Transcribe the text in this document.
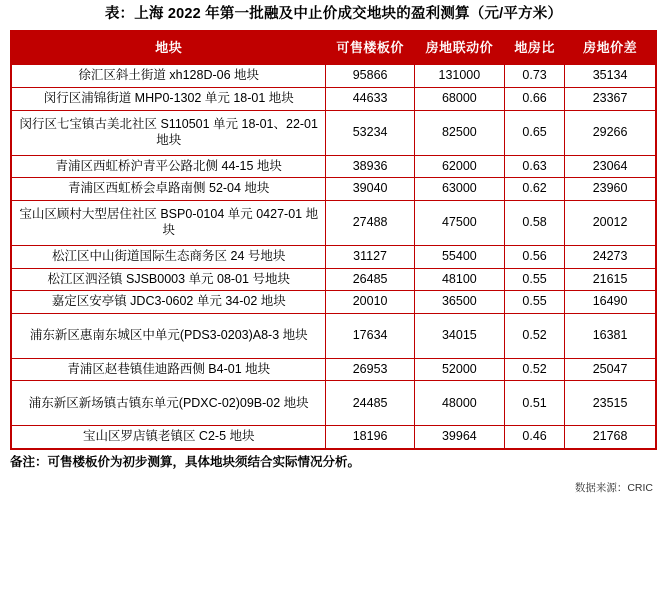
表：上海 2022 年第一批融及中止价成交地块的盈利测算（元/平方米）
地块	可售楼板价	房地联动价	地房比	房地价差
徐汇区斜土街道 xh128D-06 地块	95866	131000	0.73	35134
闵行区浦锦街道 MHP0-1302 单元 18-01 地块	44633	68000	0.66	23367
闵行区七宝镇古美北社区 S110501 单元 18-01、22-01 地块	53234	82500	0.65	29266
青浦区西虹桥沪青平公路北侧 44-15 地块	38936	62000	0.63	23064
青浦区西虹桥会卓路南侧 52-04 地块	39040	63000	0.62	23960
宝山区顾村大型居住社区 BSP0-0104 单元 0427-01 地块	27488	47500	0.58	20012
松江区中山街道国际生态商务区 24 号地块	31127	55400	0.56	24273
松江区泗泾镇 SJSB0003 单元 08-01 号地块	26485	48100	0.55	21615
嘉定区安亭镇 JDC3-0602 单元 34-02 地块	20010	36500	0.55	16490
浦东新区惠南东城区中单元(PDS3-0203)A8-3 地块	17634	34015	0.52	16381
青浦区赵巷镇佳迪路西侧 B4-01 地块	26953	52000	0.52	25047
浦东新区新场镇古镇东单元(PDXC-02)09B-02 地块	24485	48000	0.51	23515
宝山区罗店镇老镇区 C2-5 地块	18196	39964	0.46	21768
备注：可售楼板价为初步测算，具体地块须结合实际情况分析。
数据来源：CRIC
